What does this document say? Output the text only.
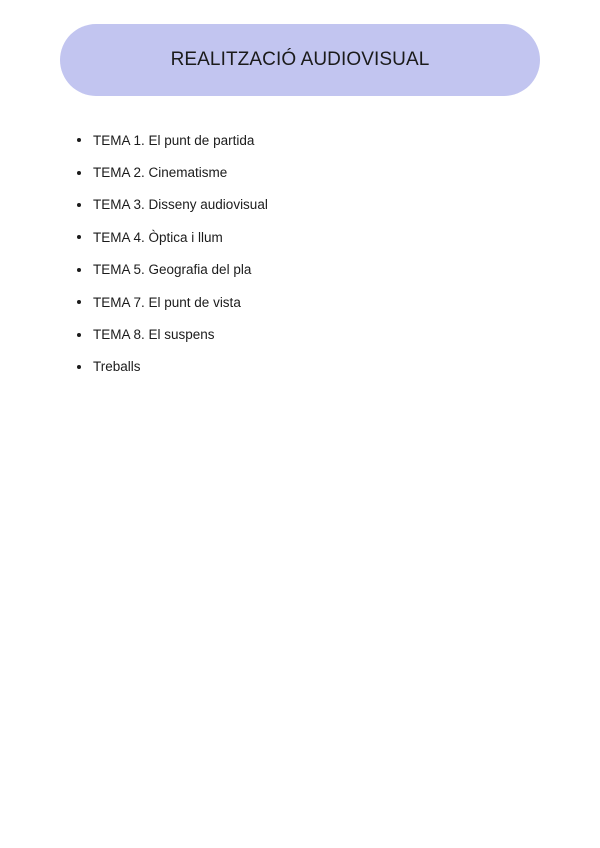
REALITZACIÓ AUDIOVISUAL
TEMA 1. El punt de partida
TEMA 2. Cinematisme
TEMA 3. Disseny audiovisual
TEMA 4. Òptica i llum
TEMA 5. Geografia del pla
TEMA 7. El punt de vista
TEMA 8. El suspens
Treballs
